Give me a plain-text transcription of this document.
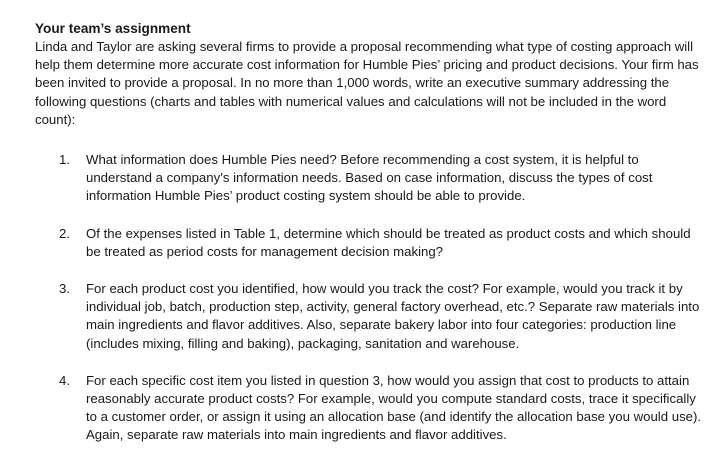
Your team’s assignment

Linda and Taylor are asking several firms to provide a proposal recommending what type of costing approach will help them determine more accurate cost information for Humble Pies’ pricing and product decisions. Your firm has been invited to provide a proposal. In no more than 1,000 words, write an executive summary addressing the following questions (charts and tables with numerical values and calculations will not be included in the word count):

1. What information does Humble Pies need? Before recommending a cost system, it is helpful to understand a company’s information needs. Based on case information, discuss the types of cost information Humble Pies’ product costing system should be able to provide.
2. Of the expenses listed in Table 1, determine which should be treated as product costs and which should be treated as period costs for management decision making?
3. For each product cost you identified, how would you track the cost? For example, would you track it by individual job, batch, production step, activity, general factory overhead, etc.? Separate raw materials into main ingredients and flavor additives. Also, separate bakery labor into four categories: production line (includes mixing, filling and baking), packaging, sanitation and warehouse.
4. For each specific cost item you listed in question 3, how would you assign that cost to products to attain reasonably accurate product costs? For example, would you compute standard costs, trace it specifically to a customer order, or assign it using an allocation base (and identify the allocation base you would use). Again, separate raw materials into main ingredients and flavor additives.
